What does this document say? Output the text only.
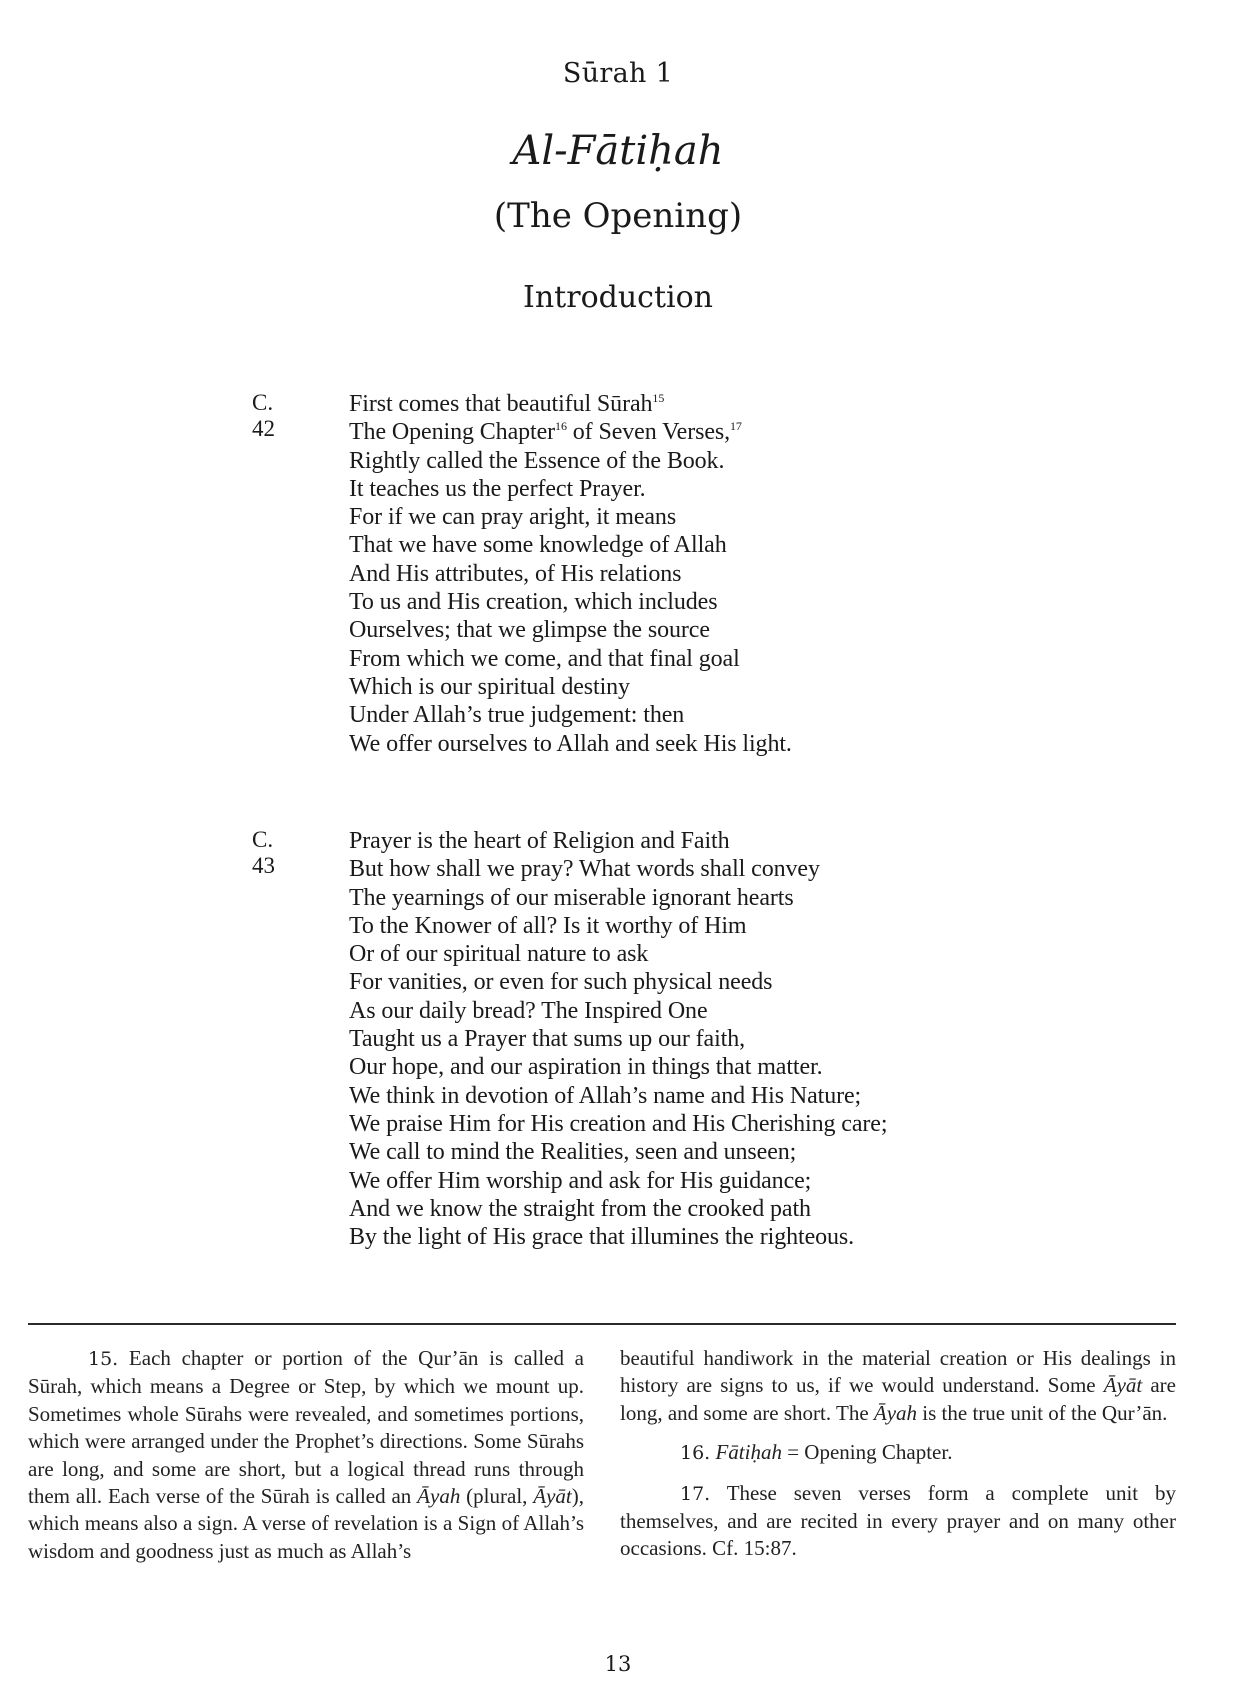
Sūrah 1
Al-Fātiḥah
(The Opening)
Introduction
C. 42
First comes that beautiful Sūrah$^{15}$
The Opening Chapter$^{16}$ of Seven Verses,$^{17}$
Rightly called the Essence of the Book.
It teaches us the perfect Prayer.
For if we can pray aright, it means
That we have some knowledge of Allah
And His attributes, of His relations
To us and His creation, which includes
Ourselves; that we glimpse the source
From which we come, and that final goal
Which is our spiritual destiny
Under Allah’s true judgement: then
We offer ourselves to Allah and seek His light.
C. 43
Prayer is the heart of Religion and Faith
But how shall we pray? What words shall convey
The yearnings of our miserable ignorant hearts
To the Knower of all? Is it worthy of Him
Or of our spiritual nature to ask
For vanities, or even for such physical needs
As our daily bread? The Inspired One
Taught us a Prayer that sums up our faith,
Our hope, and our aspiration in things that matter.
We think in devotion of Allah’s name and His Nature;
We praise Him for His creation and His Cherishing care;
We call to mind the Realities, seen and unseen;
We offer Him worship and ask for His guidance;
And we know the straight from the crooked path
By the light of His grace that illumines the righteous.

15. Each chapter or portion of the Qur’ān is called a Sūrah, which means a Degree or Step, by which we mount up. Sometimes whole Sūrahs were revealed, and sometimes portions, which were arranged under the Prophet’s directions. Some Sūrahs are long, and some are short, but a logical thread runs through them all. Each verse of the Sūrah is called an Āyah (plural, Āyāt), which means also a sign. A verse of revelation is a Sign of Allah’s wisdom and goodness just as much as Allah’s

beautiful handiwork in the material creation or His dealings in history are signs to us, if we would understand. Some Āyāt are long, and some are short. The Āyah is the true unit of the Qur’ān.

16. Fātiḥah = Opening Chapter.

17. These seven verses form a complete unit by themselves, and are recited in every prayer and on many other occasions. Cf. 15:87.

13
